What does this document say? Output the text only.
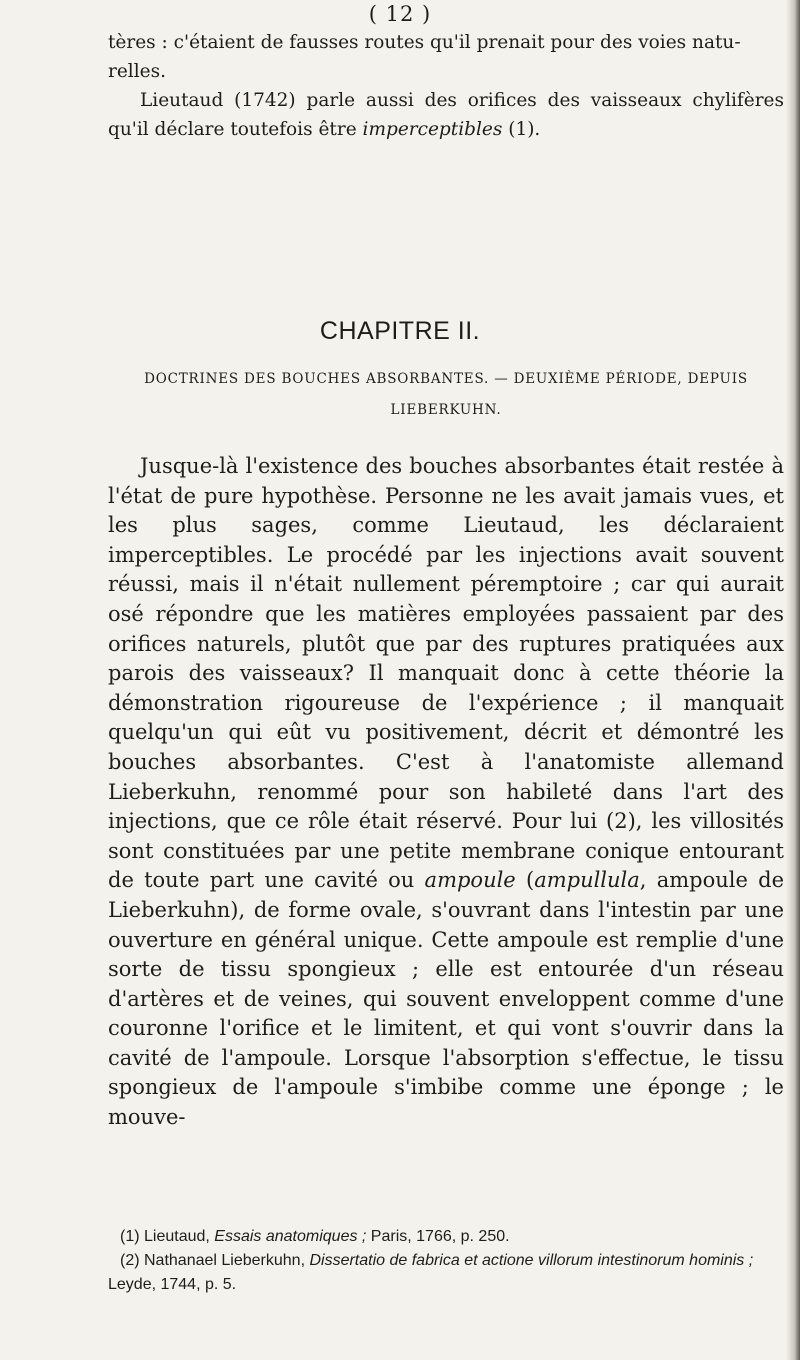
( 12 )

tères : c'étaient de fausses routes qu'il prenait pour des voies natu-

relles.

Lieutaud (1742) parle aussi des orifices des vaisseaux chylifères qu'il déclare toutefois être imperceptibles (1).

CHAPITRE II.
DOCTRINES DES BOUCHES ABSORBANTES. — DEUXIÈME PÉRIODE, DEPUIS
LIEBERKUHN.

Jusque-là l'existence des bouches absorbantes était restée à l'état de pure hypothèse. Personne ne les avait jamais vues, et les plus sages, comme Lieutaud, les déclaraient imperceptibles. Le procédé par les injections avait souvent réussi, mais il n'était nullement péremptoire ; car qui aurait osé répondre que les matières employées passaient par des orifices naturels, plutôt que par des ruptures pratiquées aux parois des vaisseaux? Il manquait donc à cette théorie la démonstration rigoureuse de l'expérience ; il manquait quelqu'un qui eût vu positivement, décrit et démontré les bouches absorbantes. C'est à l'anatomiste allemand Lieberkuhn, renommé pour son habileté dans l'art des injections, que ce rôle était réservé. Pour lui (2), les villosités sont constituées par une petite membrane conique entourant de toute part une cavité ou ampoule (ampullula, ampoule de Lieberkuhn), de forme ovale, s'ouvrant dans l'intestin par une ouverture en général unique. Cette ampoule est remplie d'une sorte de tissu spongieux ; elle est entourée d'un réseau d'artères et de veines, qui souvent enveloppent comme d'une couronne l'orifice et le limitent, et qui vont s'ouvrir dans la cavité de l'ampoule. Lorsque l'absorption s'effectue, le tissu spongieux de l'ampoule s'imbibe comme une éponge ; le mouve-

(1) Lieutaud, Essais anatomiques ; Paris, 1766, p. 250.

(2) Nathanael Lieberkuhn, Dissertatio de fabrica et actione villorum intestinorum hominis ; Leyde, 1744, p. 5.
